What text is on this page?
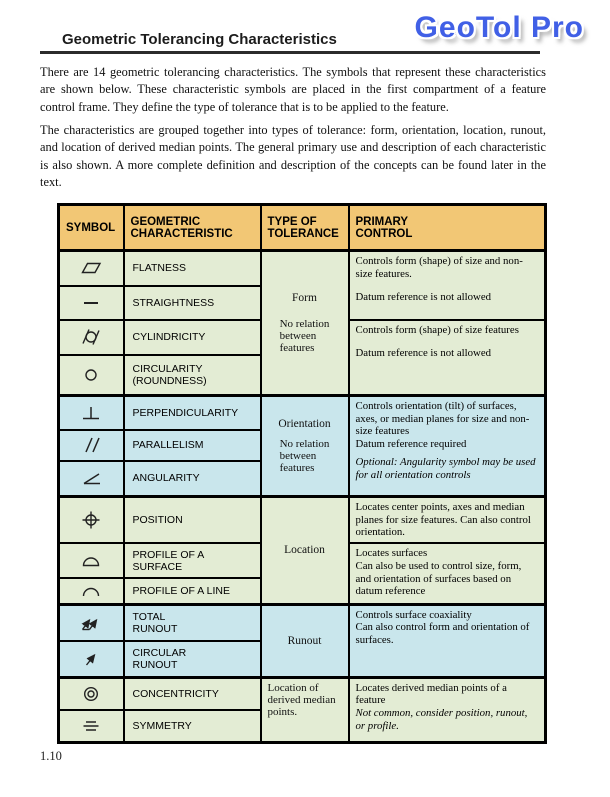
Geometric Tolerancing Characteristics	GeoTol Pro
There are 14 geometric tolerancing characteristics. The symbols that represent these characteristics are shown below. These characteristic symbols are placed in the first compartment of a feature control frame. They define the type of tolerance that is to be applied to the feature.
The characteristics are grouped together into types of tolerance: form, orientation, location, runout, and location of derived median points. The general primary use and description of each characteristic is also shown. A more complete definition and description of the concepts can be found later in the text.
SYMBOL	GEOMETRIC
CHARACTERISTIC	TYPE OF
TOLERANCE	PRIMARY
CONTROL

	FLATNESS	
Form
No relation
between
features	
Controls form (shape) of size and non-size features.
Datum reference is not allowed

	STRAIGHTNESS		

	CYLINDRICITY		Controls form (shape) of size features
Datum reference is not allowed

	CIRCULARITY
(ROUNDNESS)		

	PERPENDICULARITY	
Orientation
No relation
between
features	
Controls orientation (tilt) of surfaces, axes, or median planes for size and non-size features
Datum reference required
Optional: Angularity symbol may be used for all orientation controls

	PARALLELISM		

	ANGULARITY		

	POSITION	Location	Locates center points, axes and median planes for size features. Can also control orientation.

	PROFILE OF A
SURFACE	
Locates surfaces
Can also be used to control size, form, and orientation of surfaces based on datum reference

	PROFILE OF A LINE		

	TOTAL
RUNOUT	
Runout

Controls surface coaxiality
Can also control form and orientation of surfaces.

	CIRCULAR
RUNOUT		

	CONCENTRICITY	Location of derived median points.	Locates derived median points of a feature
Not common, consider position, runout, or profile.

	SYMMETRY		
1.10
